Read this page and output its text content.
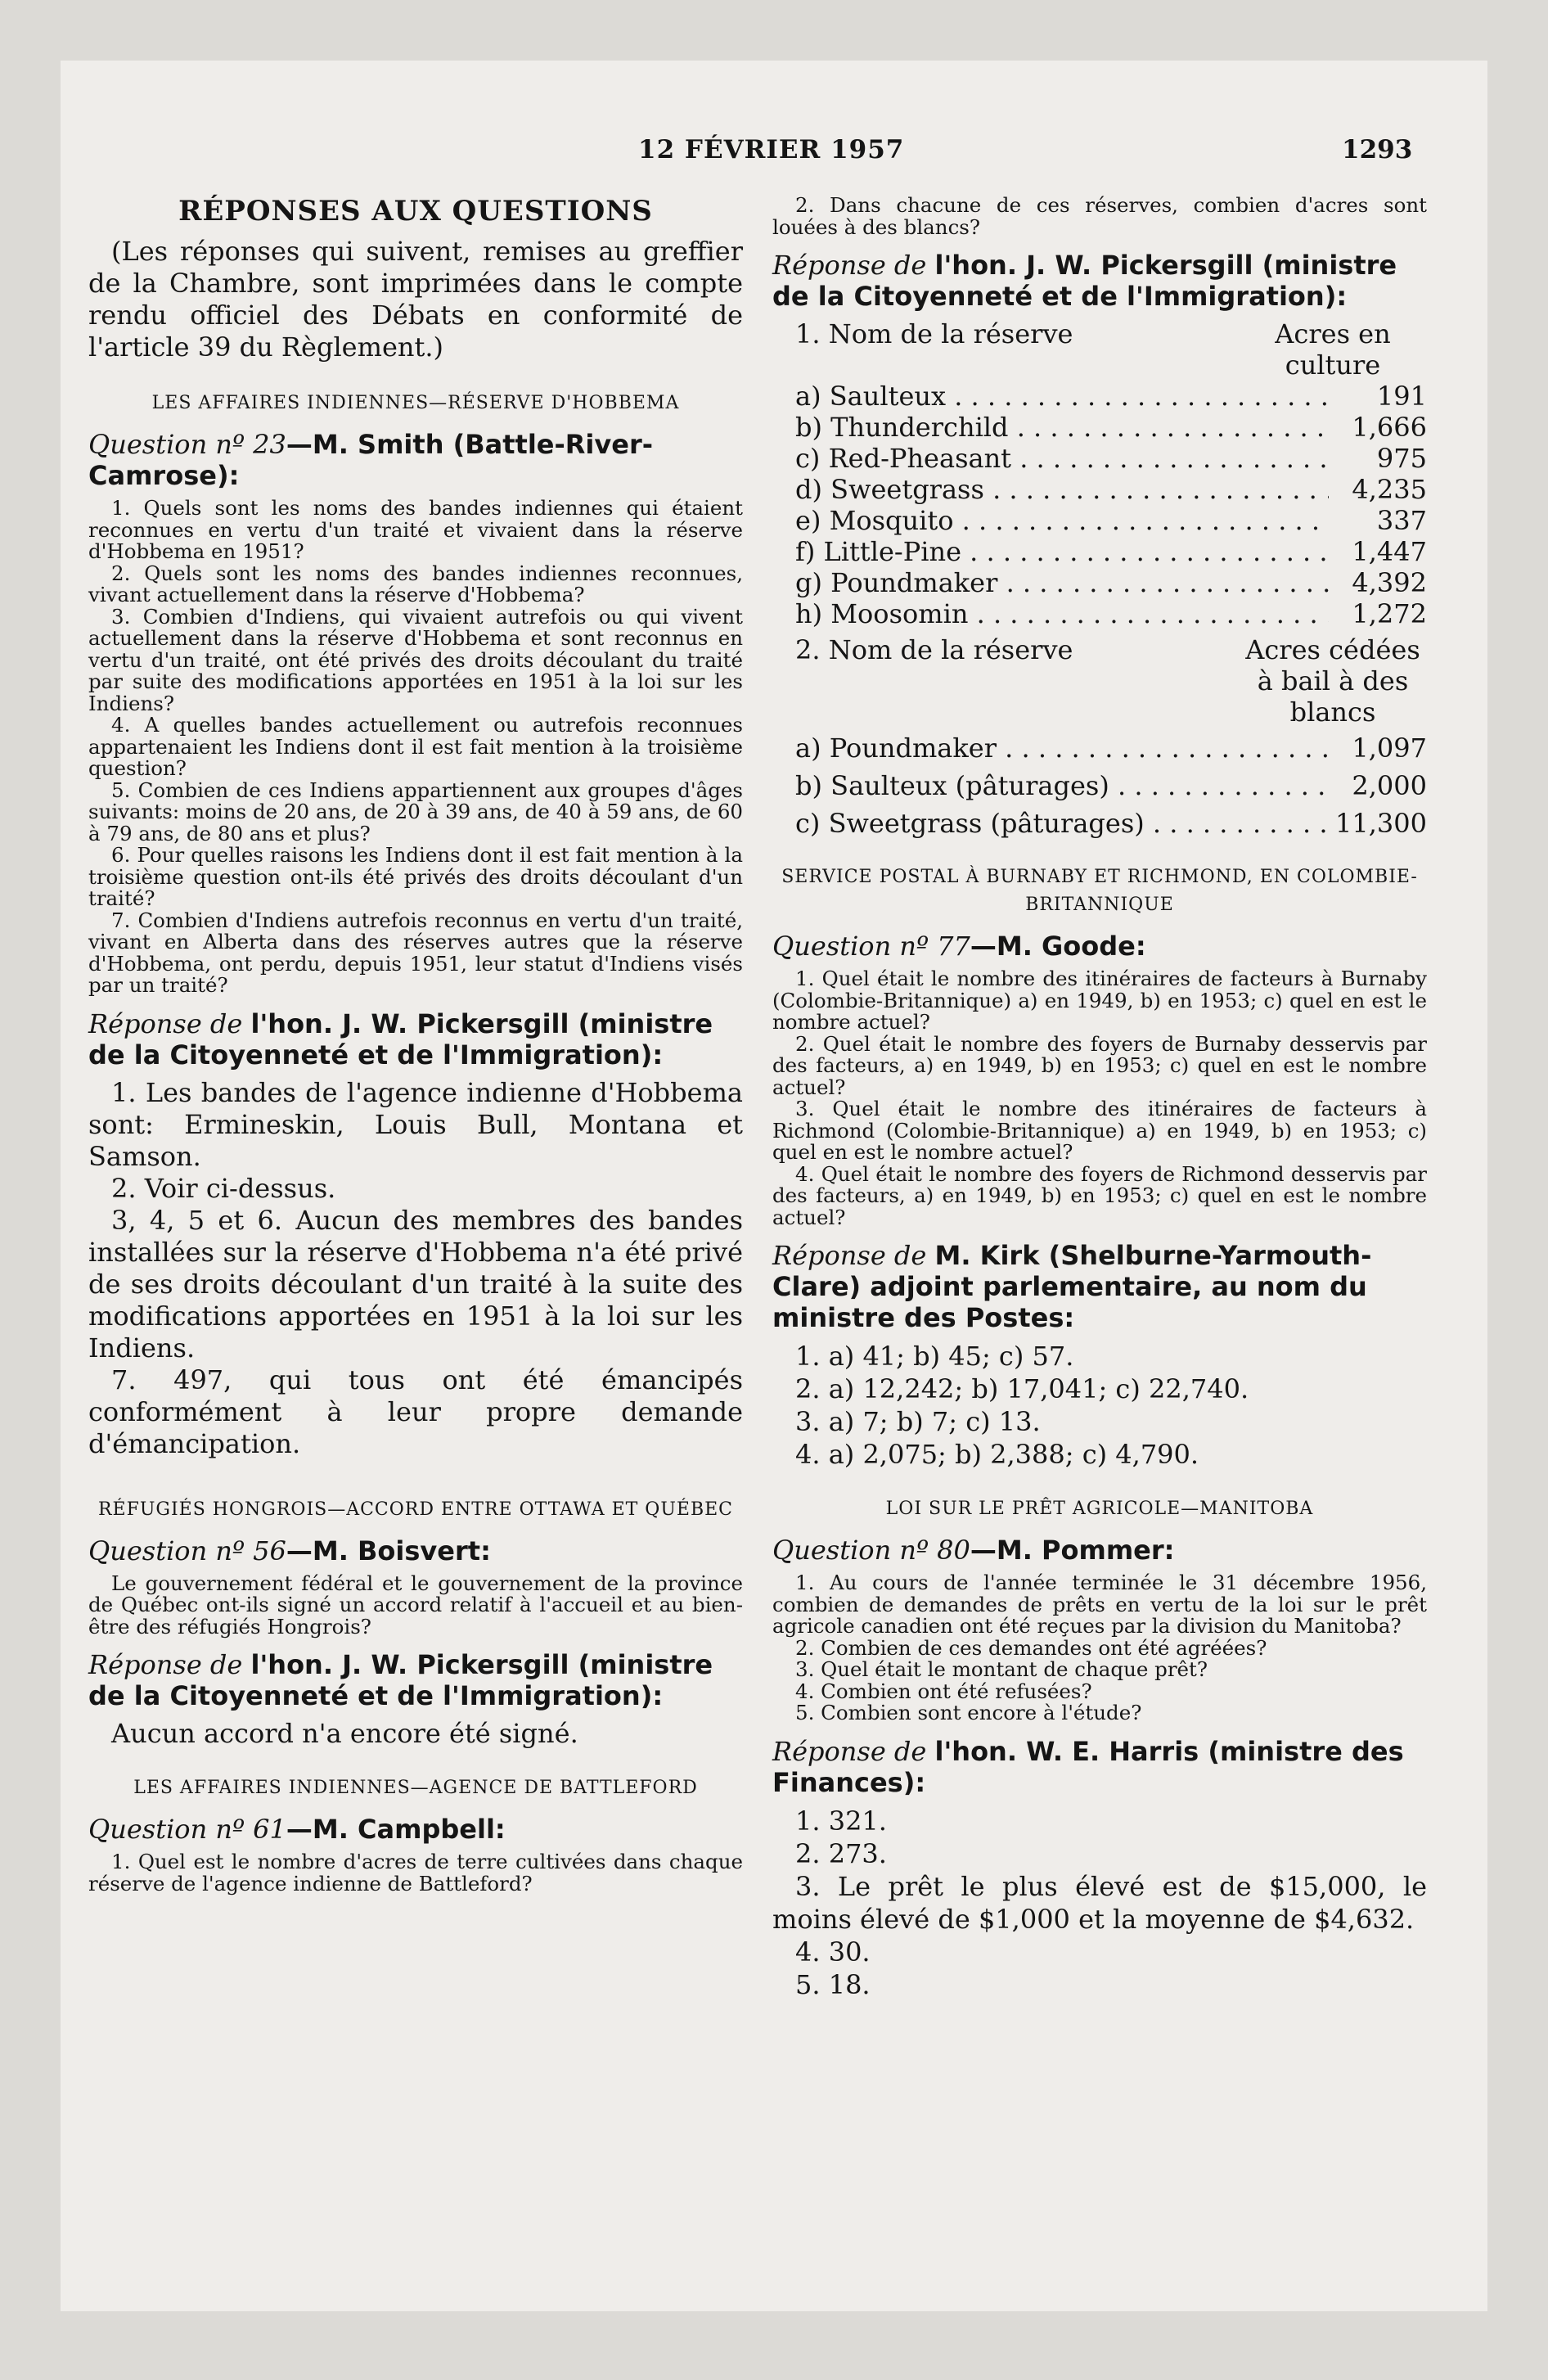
12 FÉVRIER 1957	1293

RÉPONSES AUX QUESTIONS

(Les réponses qui suivent, remises au greffier de la Chambre, sont imprimées dans le compte rendu officiel des Débats en conformité de l'article 39 du Règlement.)

LES AFFAIRES INDIENNES—RÉSERVE D'HOBBEMA

Question nº 23—M. Smith (Battle-River-Camrose):

1. Quels sont les noms des bandes indiennes qui étaient reconnues en vertu d'un traité et vivaient dans la réserve d'Hobbema en 1951?

2. Quels sont les noms des bandes indiennes reconnues, vivant actuellement dans la réserve d'Hobbema?

3. Combien d'Indiens, qui vivaient autrefois ou qui vivent actuellement dans la réserve d'Hobbema et sont reconnus en vertu d'un traité, ont été privés des droits découlant du traité par suite des modifications apportées en 1951 à la loi sur les Indiens?

4. A quelles bandes actuellement ou autrefois reconnues appartenaient les Indiens dont il est fait mention à la troisième question?

5. Combien de ces Indiens appartiennent aux groupes d'âges suivants: moins de 20 ans, de 20 à 39 ans, de 40 à 59 ans, de 60 à 79 ans, de 80 ans et plus?

6. Pour quelles raisons les Indiens dont il est fait mention à la troisième question ont-ils été privés des droits découlant d'un traité?

7. Combien d'Indiens autrefois reconnus en vertu d'un traité, vivant en Alberta dans des réserves autres que la réserve d'Hobbema, ont perdu, depuis 1951, leur statut d'Indiens visés par un traité?

Réponse de l'hon. J. W. Pickersgill (ministre de la Citoyenneté et de l'Immigration):

1. Les bandes de l'agence indienne d'Hobbema sont: Ermineskin, Louis Bull, Montana et Samson.

2. Voir ci-dessus.

3, 4, 5 et 6. Aucun des membres des bandes installées sur la réserve d'Hobbema n'a été privé de ses droits découlant d'un traité à la suite des modifications apportées en 1951 à la loi sur les Indiens.

7. 497, qui tous ont été émancipés conformément à leur propre demande d'émancipation.

RÉFUGIÉS HONGROIS—ACCORD ENTRE OTTAWA ET QUÉBEC

Question nº 56—M. Boisvert:

Le gouvernement fédéral et le gouvernement de la province de Québec ont-ils signé un accord relatif à l'accueil et au bien-être des réfugiés Hongrois?

Réponse de l'hon. J. W. Pickersgill (ministre de la Citoyenneté et de l'Immigration):

Aucun accord n'a encore été signé.

LES AFFAIRES INDIENNES—AGENCE DE BATTLEFORD

Question nº 61—M. Campbell:

1. Quel est le nombre d'acres de terre cultivées dans chaque réserve de l'agence indienne de Battleford?

2. Dans chacune de ces réserves, combien d'acres sont louées à des blancs?

Réponse de l'hon. J. W. Pickersgill (ministre de la Citoyenneté et de l'Immigration):

1. Nom de la réserve	Acres en culture
a) Saulteux . . .	191
b) Thunderchild . . .	1,666
c) Red-Pheasant . . .	975
d) Sweetgrass . . .	4,235
e) Mosquito . . .	337
f) Little-Pine . . .	1,447
g) Poundmaker . . .	4,392
h) Moosomin . . .	1,272
2. Nom de la réserve	Acres cédées à bail à des blancs
a) Poundmaker . . .	1,097
b) Saulteux (pâturages) . . .	2,000
c) Sweetgrass (pâturages) . . .	11,300

SERVICE POSTAL À BURNABY ET RICHMOND, EN COLOMBIE-BRITANNIQUE

Question nº 77—M. Goode:

1. Quel était le nombre des itinéraires de facteurs à Burnaby (Colombie-Britannique) a) en 1949, b) en 1953; c) quel en est le nombre actuel?

2. Quel était le nombre des foyers de Burnaby desservis par des facteurs, a) en 1949, b) en 1953; c) quel en est le nombre actuel?

3. Quel était le nombre des itinéraires de facteurs à Richmond (Colombie-Britannique) a) en 1949, b) en 1953; c) quel en est le nombre actuel?

4. Quel était le nombre des foyers de Richmond desservis par des facteurs, a) en 1949, b) en 1953; c) quel en est le nombre actuel?

Réponse de M. Kirk (Shelburne-Yarmouth-Clare) adjoint parlementaire, au nom du ministre des Postes:

1. a) 41; b) 45; c) 57.

2. a) 12,242; b) 17,041; c) 22,740.

3. a) 7; b) 7; c) 13.

4. a) 2,075; b) 2,388; c) 4,790.

LOI SUR LE PRÊT AGRICOLE—MANITOBA

Question nº 80—M. Pommer:

1. Au cours de l'année terminée le 31 décembre 1956, combien de demandes de prêts en vertu de la loi sur le prêt agricole canadien ont été reçues par la division du Manitoba?

2. Combien de ces demandes ont été agréées?

3. Quel était le montant de chaque prêt?

4. Combien ont été refusées?

5. Combien sont encore à l'étude?

Réponse de l'hon. W. E. Harris (ministre des Finances):

1. 321.

2. 273.

3. Le prêt le plus élevé est de $15,000, le moins élevé de $1,000 et la moyenne de $4,632.

4. 30.

5. 18.
